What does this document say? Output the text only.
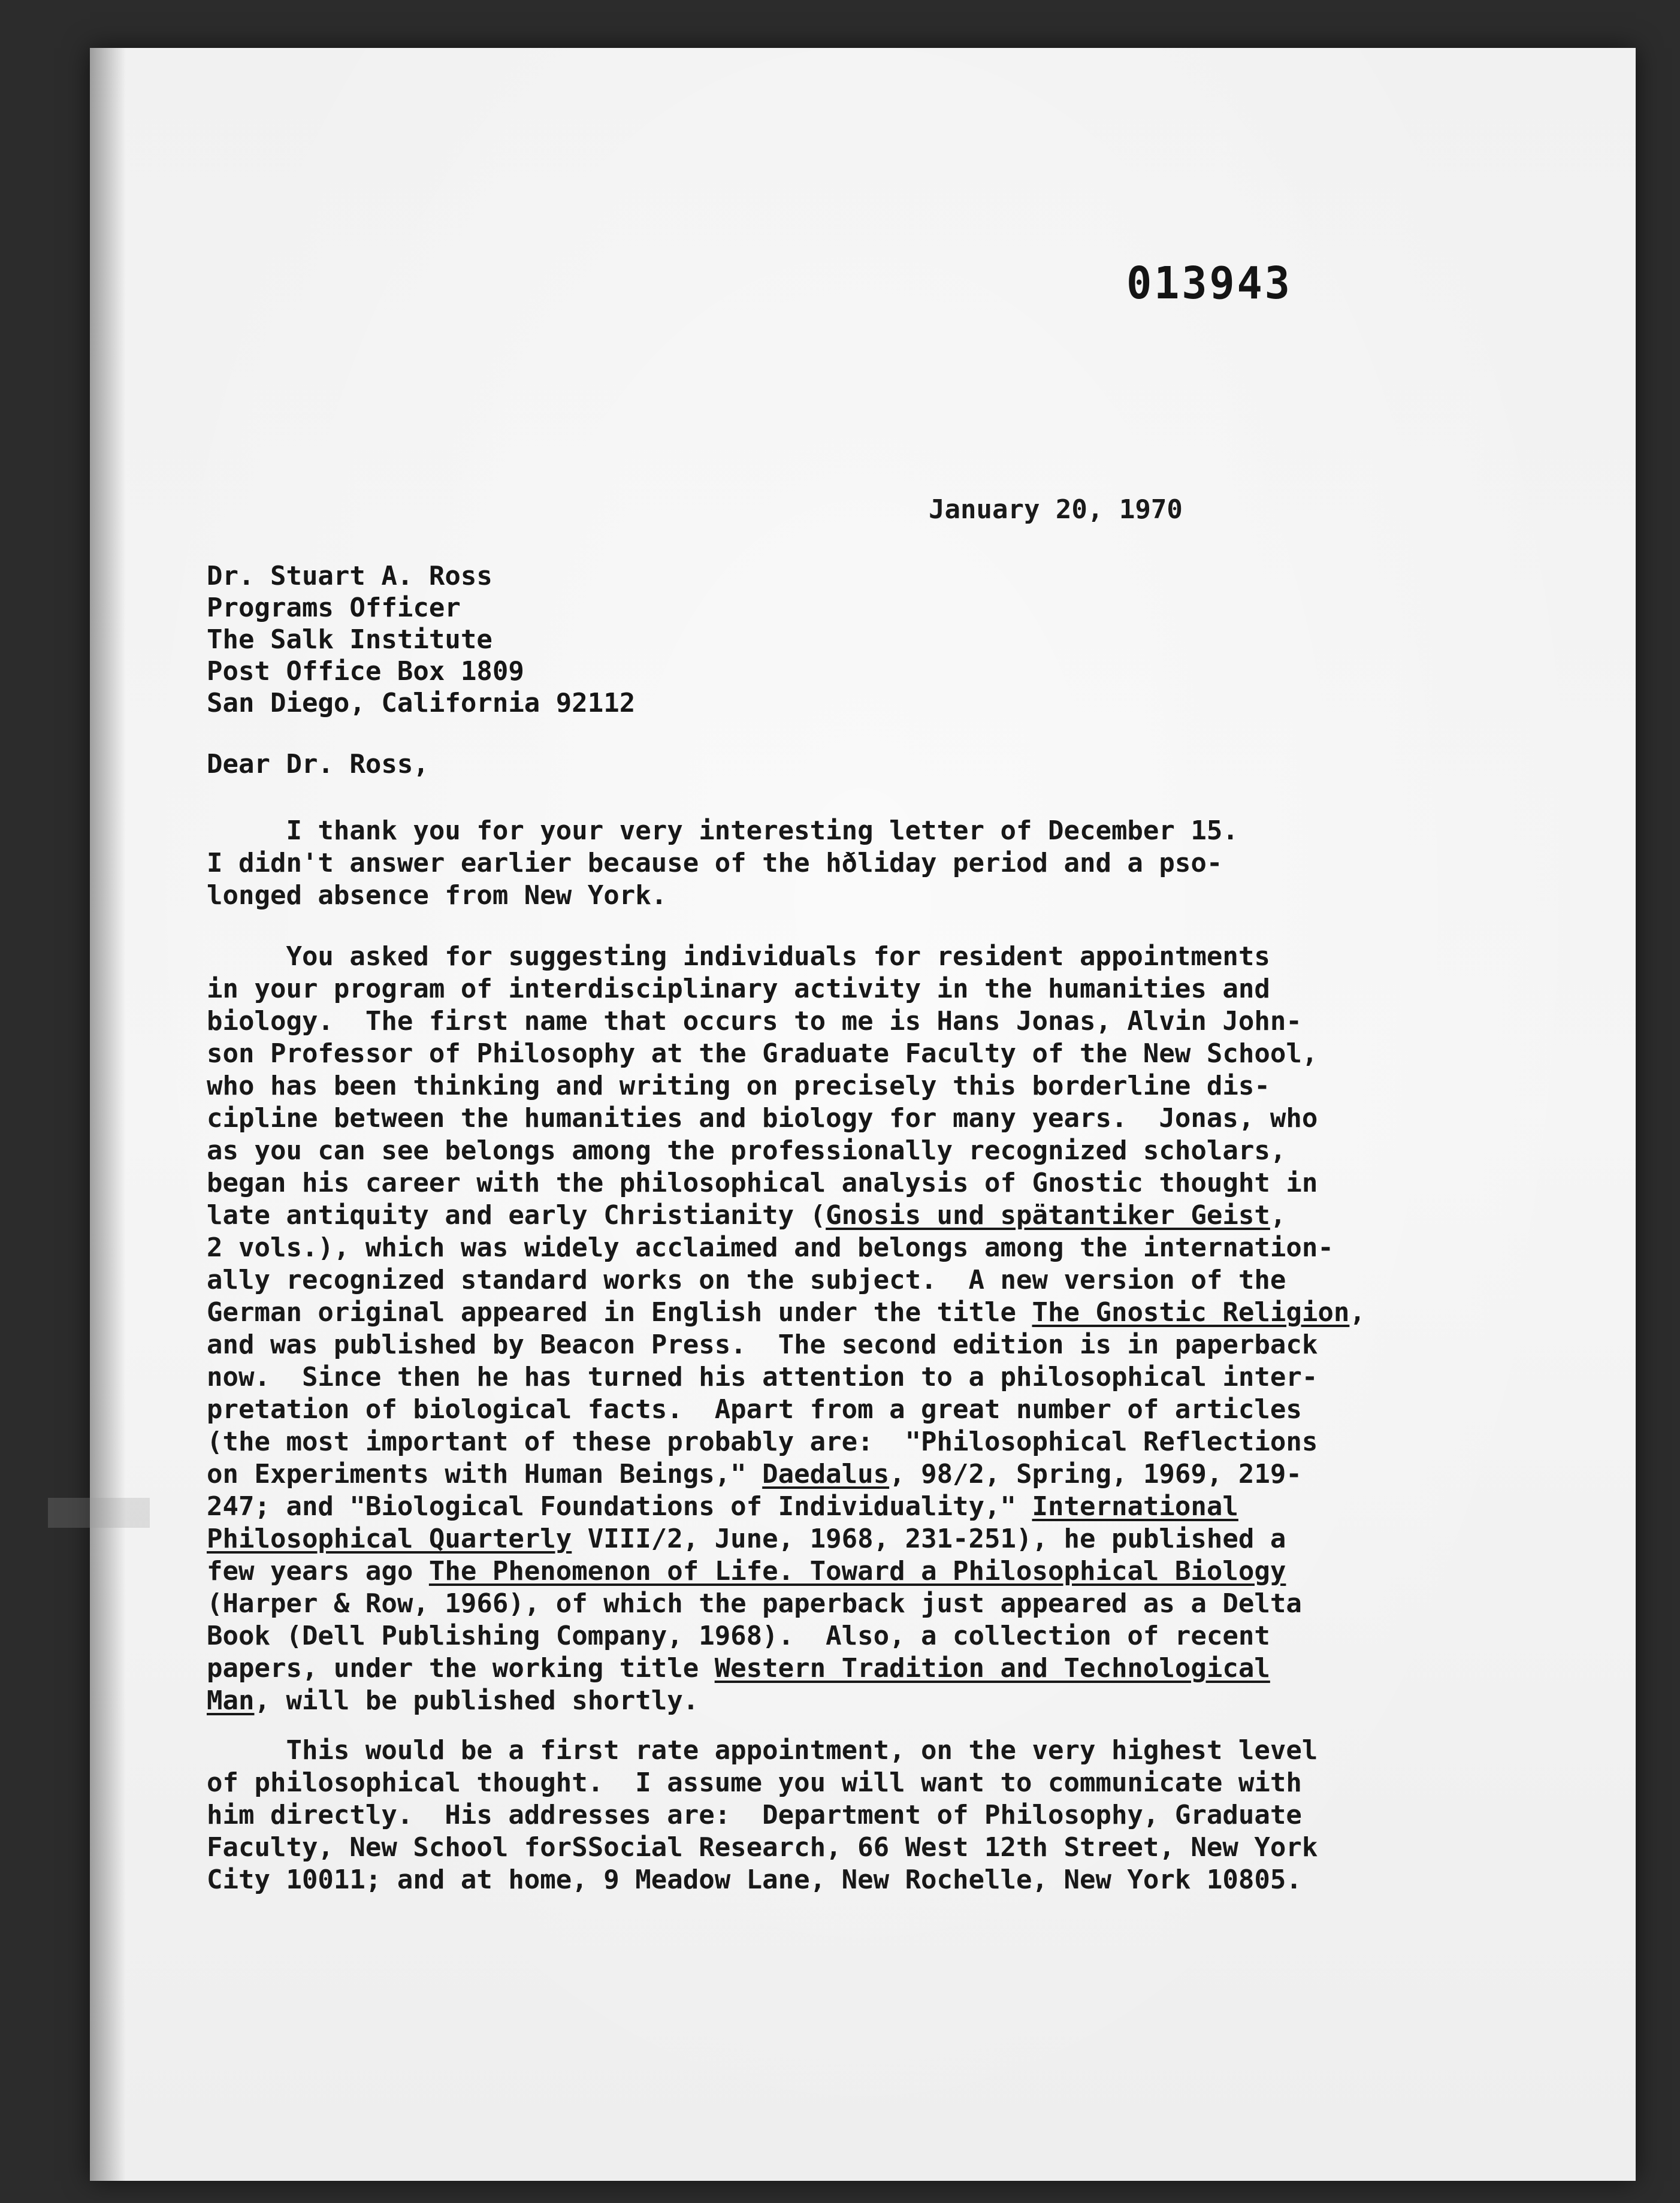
013943
January 20, 1970
Dr. Stuart A. Ross
Programs Officer
The Salk Institute
Post Office Box 1809
San Diego, California 92112
Dear Dr. Ross,
I thank you for your very interesting letter of December 15.
I didn't answer earlier because of the hðliday period and a pso-
longed absence from New York.
You asked for suggesting individuals for resident appointments
in your program of interdisciplinary activity in the humanities and
biology.  The first name that occurs to me is Hans Jonas, Alvin John-
son Professor of Philosophy at the Graduate Faculty of the New School,
who has been thinking and writing on precisely this borderline dis-
cipline between the humanities and biology for many years.  Jonas, who
as you can see belongs among the professionally recognized scholars,
began his career with the philosophical analysis of Gnostic thought in
late antiquity and early Christianity (Gnosis und spätantiker Geist,
2 vols.), which was widely acclaimed and belongs among the internation-
ally recognized standard works on the subject.  A new version of the
German original appeared in English under the title The Gnostic Religion,
and was published by Beacon Press.  The second edition is in paperback
now.  Since then he has turned his attention to a philosophical inter-
pretation of biological facts.  Apart from a great number of articles
(the most important of these probably are:  "Philosophical Reflections
on Experiments with Human Beings," Daedalus, 98/2, Spring, 1969, 219-
247; and "Biological Foundations of Individuality," International
Philosophical Quarterly VIII/2, June, 1968, 231-251), he published a
few years ago The Phenomenon of Life. Toward a Philosophical Biology
(Harper & Row, 1966), of which the paperback just appeared as a Delta
Book (Dell Publishing Company, 1968).  Also, a collection of recent
papers, under the working title Western Tradition and Technological
Man, will be published shortly.
This would be a first rate appointment, on the very highest level
of philosophical thought.  I assume you will want to communicate with
him directly.  His addresses are:  Department of Philosophy, Graduate
Faculty, New School forSSocial Research, 66 West 12th Street, New York
City 10011; and at home, 9 Meadow Lane, New Rochelle, New York 10805.
